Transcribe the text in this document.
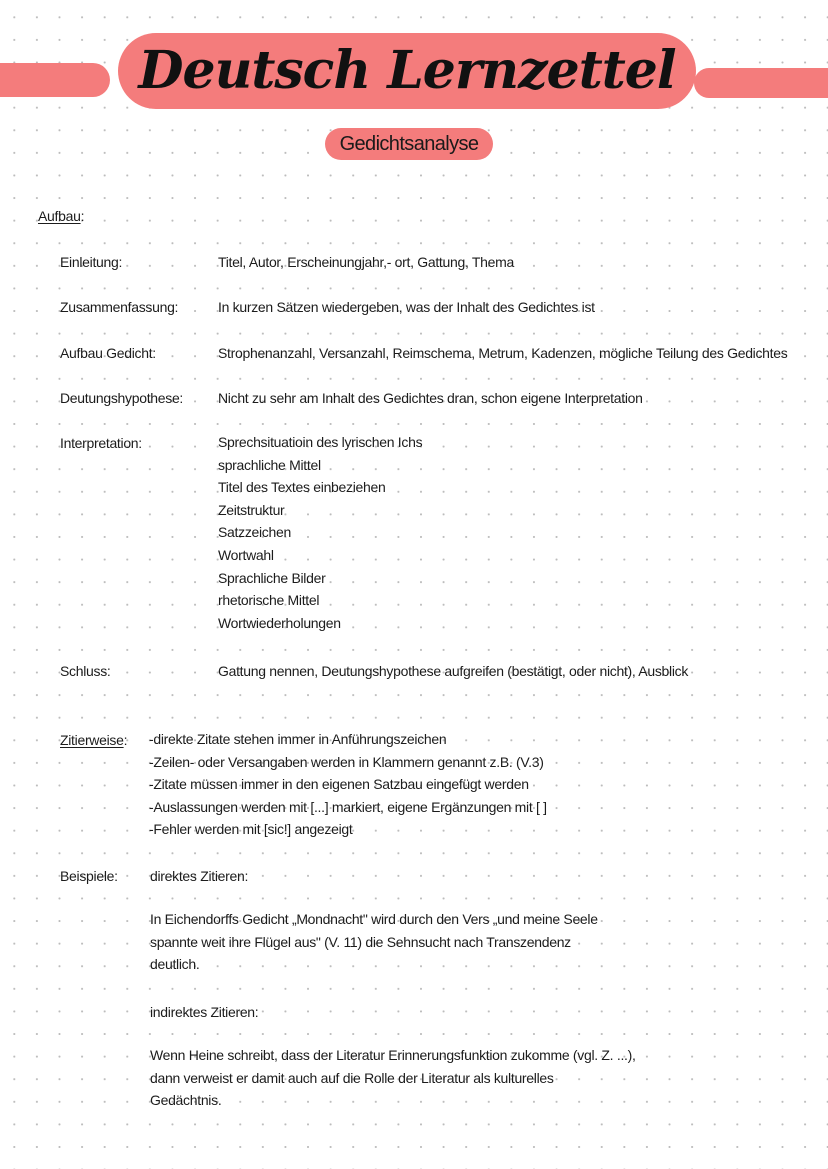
Deutsch Lernzettel
Gedichtsanalyse
Aufbau:
Einleitung:	Titel, Autor, Erscheinungjahr,- ort, Gattung, Thema
Zusammenfassung:	In kurzen Sätzen wiedergeben, was der Inhalt des Gedichtes ist
Aufbau Gedicht:	Strophenanzahl, Versanzahl, Reimschema, Metrum, Kadenzen, mögliche Teilung des Gedichtes
Deutungshypothese: Nicht zu sehr am Inhalt des Gedichtes dran, schon eigene Interpretation
Interpretation:	Sprechsituatioin des lyrischen Ichs
sprachliche Mittel
Titel des Textes einbeziehen
Zeitstruktur
Satzzeichen
Wortwahl
Sprachliche Bilder
rhetorische Mittel
Wortwiederholungen
Schluss:	Gattung nennen, Deutungshypothese aufgreifen (bestätigt, oder nicht), Ausblick
Zitierweise: -direkte Zitate stehen immer in Anführungszeichen
-Zeilen- oder Versangaben werden in Klammern genannt z.B. (V.3)
-Zitate müssen immer in den eigenen Satzbau eingefügt werden
-Auslassungen werden mit [...] markiert, eigene Ergänzungen mit [ ]
-Fehler werden mit [sic!] angezeigt
Beispiele: direktes Zitieren:
In Eichendorffs Gedicht „Mondnacht" wird durch den Vers „und meine Seele
spannte weit ihre Flügel aus" (V. 11) die Sehnsucht nach Transzendenz
deutlich.
indirektes Zitieren:
Wenn Heine schreibt, dass der Literatur Erinnerungsfunktion zukomme (vgl. Z. ...),
dann verweist er damit auch auf die Rolle der Literatur als kulturelles
Gedächtnis.
